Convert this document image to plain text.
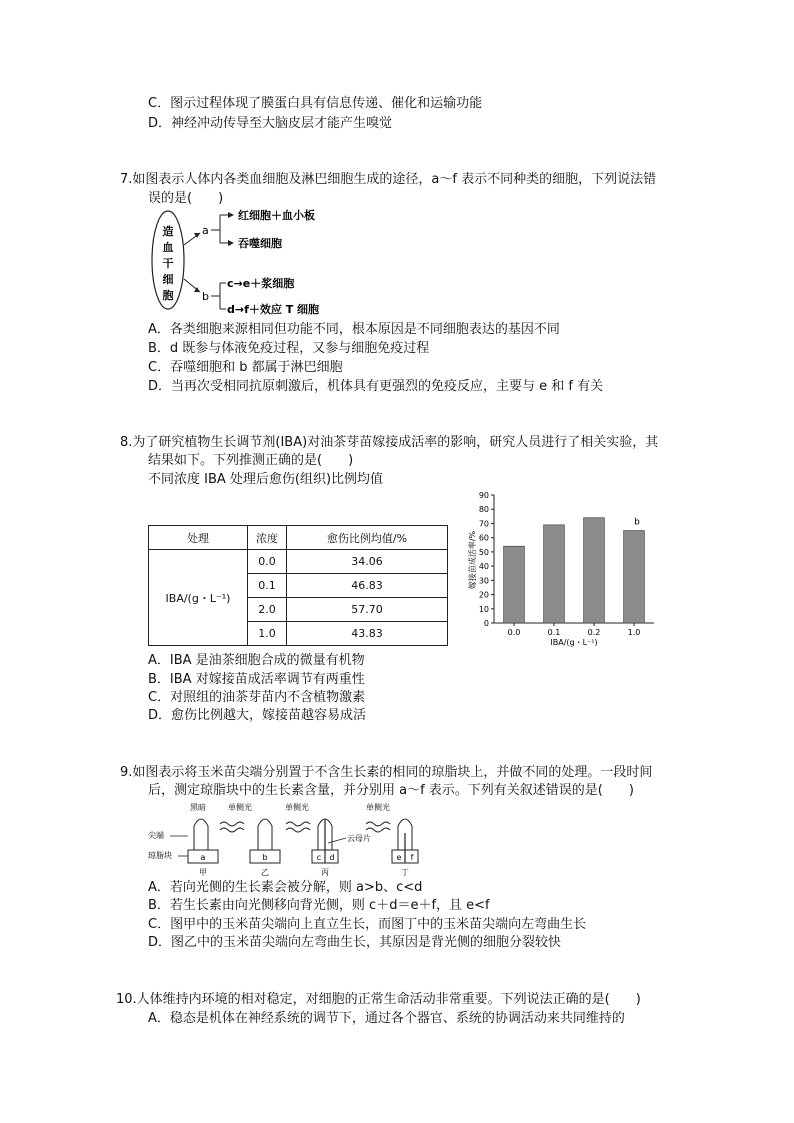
C．图示过程体现了膜蛋白具有信息传递、催化和运输功能
D．神经冲动传导至大脑皮层才能产生嗅觉
7.如图表示人体内各类血细胞及淋巴细胞生成的途径，a～f 表示不同种类的细胞，下列说法错
误的是(　　)
造
血
干
细
胞
a
b
红细胞＋血小板
吞噬细胞
c→e＋浆细胞
d→f＋效应 T 细胞
A．各类细胞来源相同但功能不同，根本原因是不同细胞表达的基因不同
B．d 既参与体液免疫过程，又参与细胞免疫过程
C．吞噬细胞和 b 都属于淋巴细胞
D．当再次受相同抗原刺激后，机体具有更强烈的免疫反应，主要与 e 和 f 有关
8.为了研究植物生长调节剂(IBA)对油茶芽苗嫁接成活率的影响，研究人员进行了相关实验，其
结果如下。下列推测正确的是(　　)
不同浓度 IBA 处理后愈伤(组织)比例均值
处理	浓度	愈伤比例均值/%
IBA/(g・L⁻¹)	0.0	34.06
	0.1	46.83
	2.0	57.70
	1.0	43.83
嫁接苗成活率/%
b
IBA/(g・L⁻¹)
0
10
20
30
40
50
60
70
80
90
0.0	0.1	0.2	1.0
A．IBA 是油茶细胞合成的微量有机物
B．IBA 对嫁接苗成活率调节有两重性
C．对照组的油茶芽苗内不含植物激素
D．愈伤比例越大，嫁接苗越容易成活
9.如图表示将玉米苗尖端分别置于不含生长素的相同的琼脂块上，并做不同的处理。一段时间
后，测定琼脂块中的生长素含量，并分别用 a～f 表示。下列有关叙述错误的是(　　)
黑暗	单侧光	单侧光	单侧光
尖端
琼脂块	a
甲
b
乙
c d
丙
云母片
e f
丁
A．若向光侧的生长素会被分解，则 a>b、c<d
B．若生长素由向光侧移向背光侧，则 c＋d＝e＋f，且 e<f
C．图甲中的玉米苗尖端向上直立生长，而图丁中的玉米苗尖端向左弯曲生长
D．图乙中的玉米苗尖端向左弯曲生长，其原因是背光侧的细胞分裂较快
10.人体维持内环境的相对稳定，对细胞的正常生命活动非常重要。下列说法正确的是(　　)
A．稳态是机体在神经系统的调节下，通过各个器官、系统的协调活动来共同维持的
